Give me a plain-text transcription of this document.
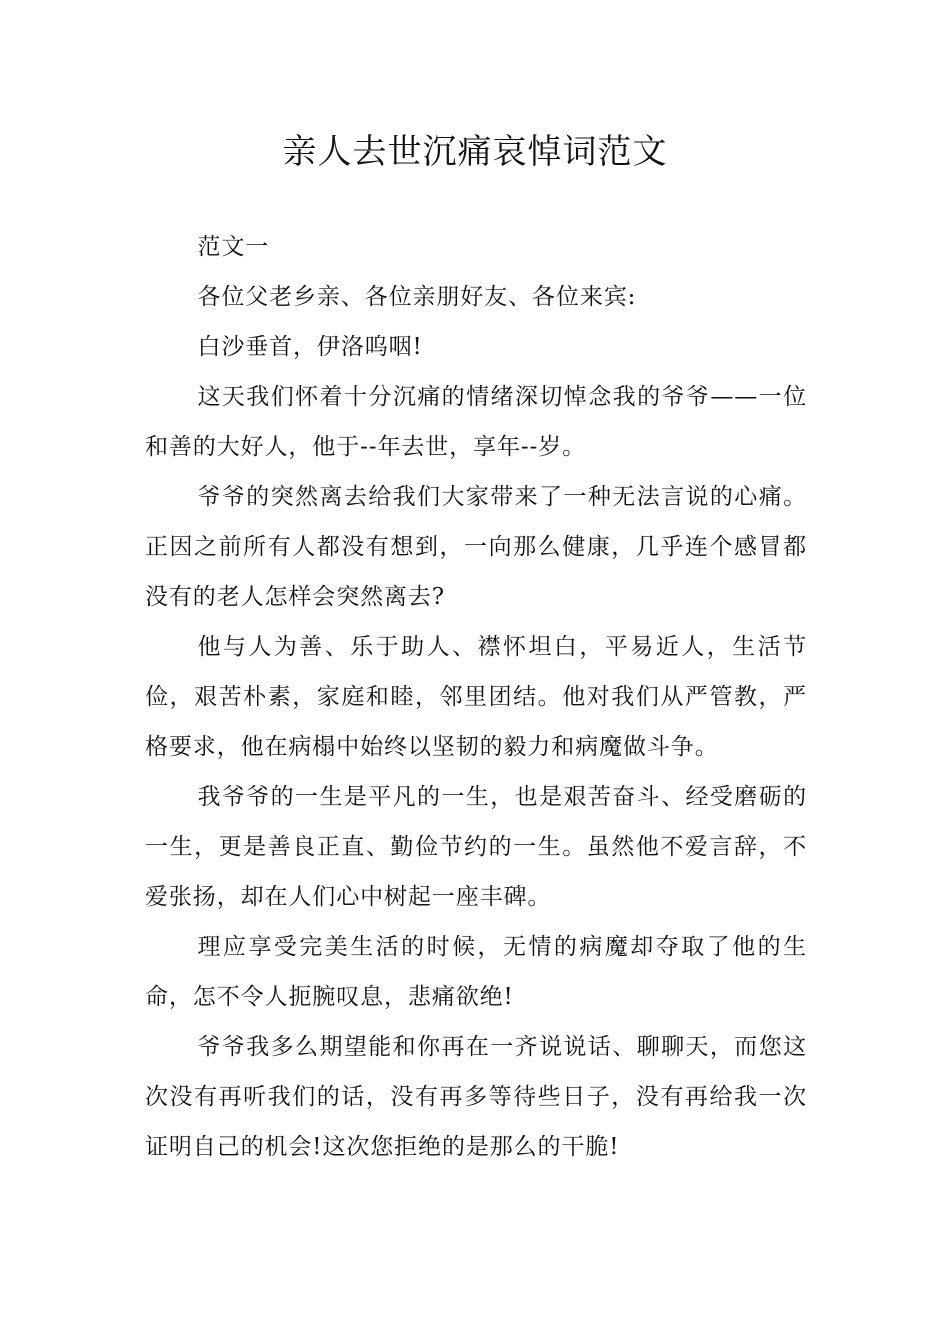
亲人去世沉痛哀悼词范文

范文一

各位父老乡亲、各位亲朋好友、各位来宾:

白沙垂首，伊洛呜咽!

这天我们怀着十分沉痛的情绪深切悼念我的爷爷——一位和善的大好人，他于--年去世，享年--岁。

爷爷的突然离去给我们大家带来了一种无法言说的心痛。正因之前所有人都没有想到，一向那么健康，几乎连个感冒都没有的老人怎样会突然离去?

他与人为善、乐于助人、襟怀坦白，平易近人，生活节俭，艰苦朴素，家庭和睦，邻里团结。他对我们从严管教，严格要求，他在病榻中始终以坚韧的毅力和病魔做斗争。

我爷爷的一生是平凡的一生，也是艰苦奋斗、经受磨砺的一生，更是善良正直、勤俭节约的一生。虽然他不爱言辞，不爱张扬，却在人们心中树起一座丰碑。

理应享受完美生活的时候，无情的病魔却夺取了他的生命，怎不令人扼腕叹息，悲痛欲绝!

爷爷我多么期望能和你再在一齐说说话、聊聊天，而您这次没有再听我们的话，没有再多等待些日子，没有再给我一次证明自己的机会!这次您拒绝的是那么的干脆!
